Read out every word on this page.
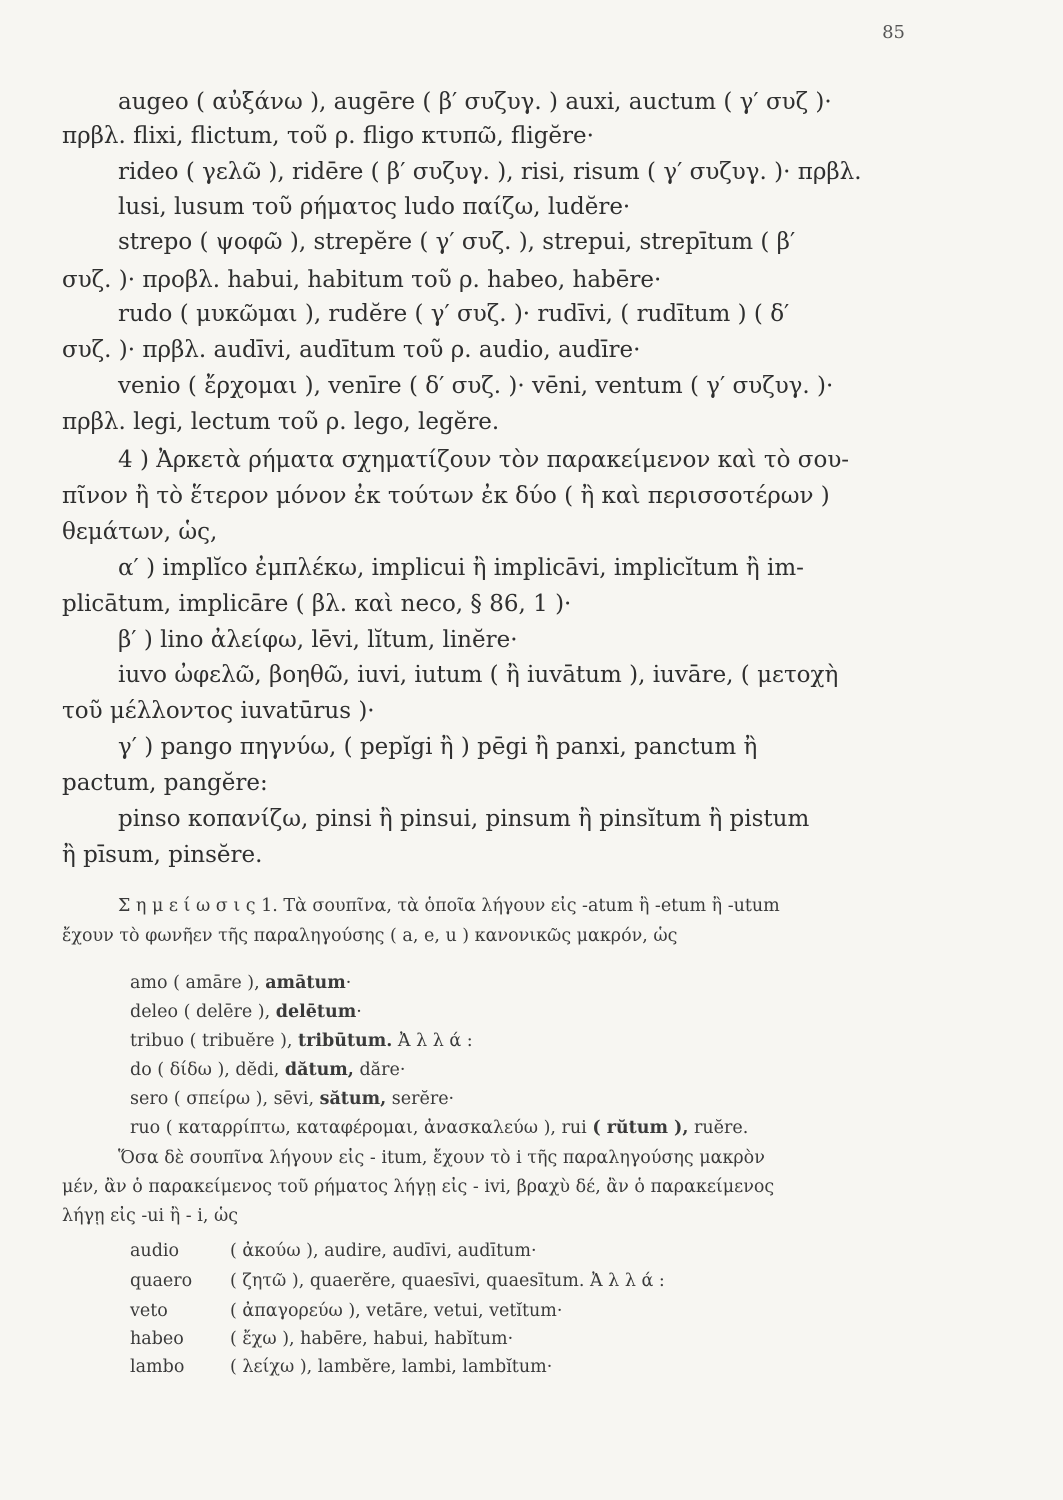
85
augeo ( αὐξάνω ), augēre ( β′ συζυγ. ) auxi, auctum ( γ′ συζ )·
πρβλ. flixi, flictum, τοῦ ρ. fligo κτυπῶ, fligĕre·
rideo ( γελῶ ), ridēre ( β′ συζυγ. ), risi, risum ( γ′ συζυγ. )· πρβλ.
lusi, lusum τοῦ ρήματος ludo παίζω, ludĕre·
strepo ( ψοφῶ ), strepĕre ( γ′ συζ. ), strepui, strepītum ( β′
συζ. )· προβλ. habui, habitum τοῦ ρ. habeo, habēre·
rudo ( μυκῶμαι ), rudĕre ( γ′ συζ. )· rudīvi, ( rudītum ) ( δ′
συζ. )· πρβλ. audīvi, audītum τοῦ ρ. audio, audīre·
venio ( ἔρχομαι ), venīre ( δ′ συζ. )· vēni, ventum ( γ′ συζυγ. )·
πρβλ. legi, lectum τοῦ ρ. lego, legĕre.
4 ) Ἀρκετὰ ρήματα σχηματίζουν τὸν παρακείμενον καὶ τὸ σου-
πῖνον ἢ τὸ ἕτερον μόνον ἐκ τούτων ἐκ δύο ( ἢ καὶ περισσοτέρων )
θεμάτων, ὡς,
α′ ) implĭco ἐμπλέκω, implicui ἢ implicāvi, implicĭtum ἢ im-
plicātum, implicāre ( βλ. καὶ neco, § 86, 1 )·
β′ ) lino ἀλείφω, lēvi, lĭtum, linĕre·
iuvo ὠφελῶ, βοηθῶ, iuvi, iutum ( ἢ iuvātum ), iuvāre, ( μετοχὴ
τοῦ μέλλοντος iuvatūrus )·
γ′ ) pango πηγνύω, ( pepĭgi ἢ ) pēgi ἢ panxi, panctum ἢ
pactum, pangĕre:
pinso κοπανίζω, pinsi ἢ pinsui, pinsum ἢ pinsĭtum ἢ pistum
ἢ pīsum, pinsĕre.
Σ η μ ε ί ω σ ι ς 1. Τὰ σουπῖνα, τὰ ὁποῖα λήγουν εἰς -atum ἢ -etum ἢ -utum
ἔχουν τὸ φωνῆεν τῆς παραληγούσης ( a, e, u ) κανονικῶς μακρόν, ὡς
amo ( amāre ), amātum·
deleo ( delēre ), delētum·
tribuo ( tribuĕre ), tribūtum. Ἀ λ λ ά :
do ( δίδω ), dĕdi, dătum, dăre·
sero ( σπείρω ), sēvi, sătum, serĕre·
ruo ( καταρρίπτω, καταφέρομαι, ἀνασκαλεύω ), rui ( rŭtum ), ruĕre.
Ὅσα δὲ σουπῖνα λήγουν εἰς - itum, ἔχουν τὸ i τῆς παραληγούσης μακρὸν
μέν, ἂν ὁ παρακείμενος τοῦ ρήματος λήγῃ εἰς - ivi, βραχὺ δέ, ἂν ὁ παρακείμενος
λήγῃ εἰς -ui ἢ - i, ὡς
audio	( ἀκούω ), audire, audīvi, audītum·
quaero ( ζητῶ ), quaerĕre, quaesīvi, quaesītum. Ἀ λ λ ά :
veto	( ἀπαγορεύω ), vetāre, vetui, vetĭtum·
habeo	( ἔχω ), habēre, habui, habĭtum·
lambo	( λείχω ), lambĕre, lambi, lambĭtum·
